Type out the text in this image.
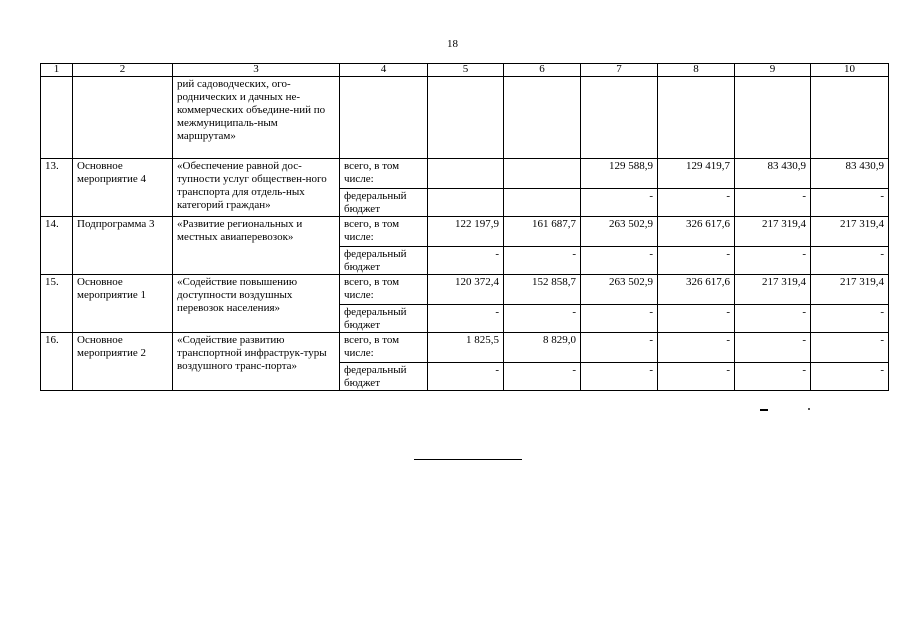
18
1	2	3	4	5	6	7	8	9	10
		рий садоводческих, ого-родничеcких и дачных не-коммерческих объедине-ний по межмуниципаль-ным маршрутам»							
13.	Основное мероприятие 4	«Обеспечение равной дос-тупности услуг обществен-ного транспорта для отдель-ных категорий граждан»	всего, в том числе:			129 588,9	129 419,7	83 430,9	83 430,9
			федеральный бюджет			-	-	-	-
14.	Подпрограмма 3	«Развитие региональных и местных авиаперевозок»	всего, в том числе:	122 197,9	161 687,7	263 502,9	326 617,6	217 319,4	217 319,4
			федеральный бюджет	-	-	-	-	-	-
15.	Основное мероприятие 1	«Содействие повышению доступности воздушных перевозок населения»	всего, в том числе:	120 372,4	152 858,7	263 502,9	326 617,6	217 319,4	217 319,4
			федеральный бюджет	-	-	-	-	-	-
16.	Основное мероприятие 2	«Содействие развитию транспортной инфраструк-туры воздушного транс-порта»	всего, в том числе:	1 825,5	8 829,0	-	-	-	-
			федеральный бюджет	-	-	-	-	-	-
